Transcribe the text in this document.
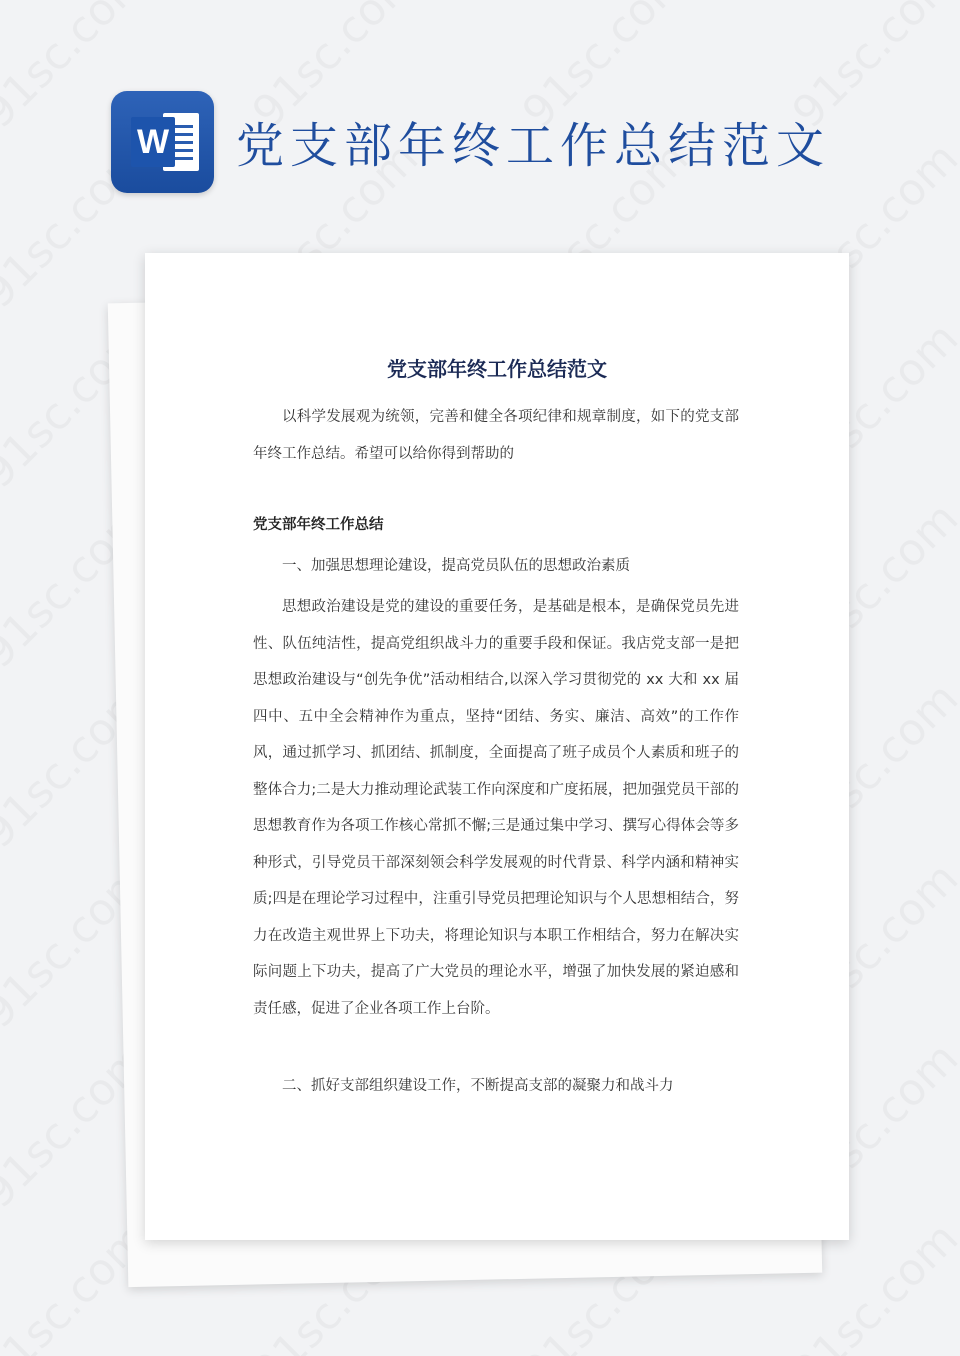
W 党支部年终工作总结范文
党支部年终工作总结范文

以科学发展观为统领，完善和健全各项纪律和规章制度，如下的党支部年终工作总结。希望可以给你得到帮助的

党支部年终工作总结

一、加强思想理论建设，提高党员队伍的思想政治素质

思想政治建设是党的建设的重要任务，是基础是根本，是确保党员先进性、队伍纯洁性，提高党组织战斗力的重要手段和保证。我店党支部一是把思想政治建设与“创先争优”活动相结合,以深入学习贯彻党的 xx 大和 xx 届四中、五中全会精神作为重点，坚持“团结、务实、廉洁、高效”的工作作风，通过抓学习、抓团结、抓制度，全面提高了班子成员个人素质和班子的整体合力;二是大力推动理论武装工作向深度和广度拓展，把加强党员干部的思想教育作为各项工作核心常抓不懈;三是通过集中学习、撰写心得体会等多种形式，引导党员干部深刻领会科学发展观的时代背景、科学内涵和精神实质;四是在理论学习过程中，注重引导党员把理论知识与个人思想相结合，努力在改造主观世界上下功夫，将理论知识与本职工作相结合，努力在解决实际问题上下功夫，提高了广大党员的理论水平，增强了加快发展的紧迫感和责任感，促进了企业各项工作上台阶。

二、抓好支部组织建设工作，不断提高支部的凝聚力和战斗力
